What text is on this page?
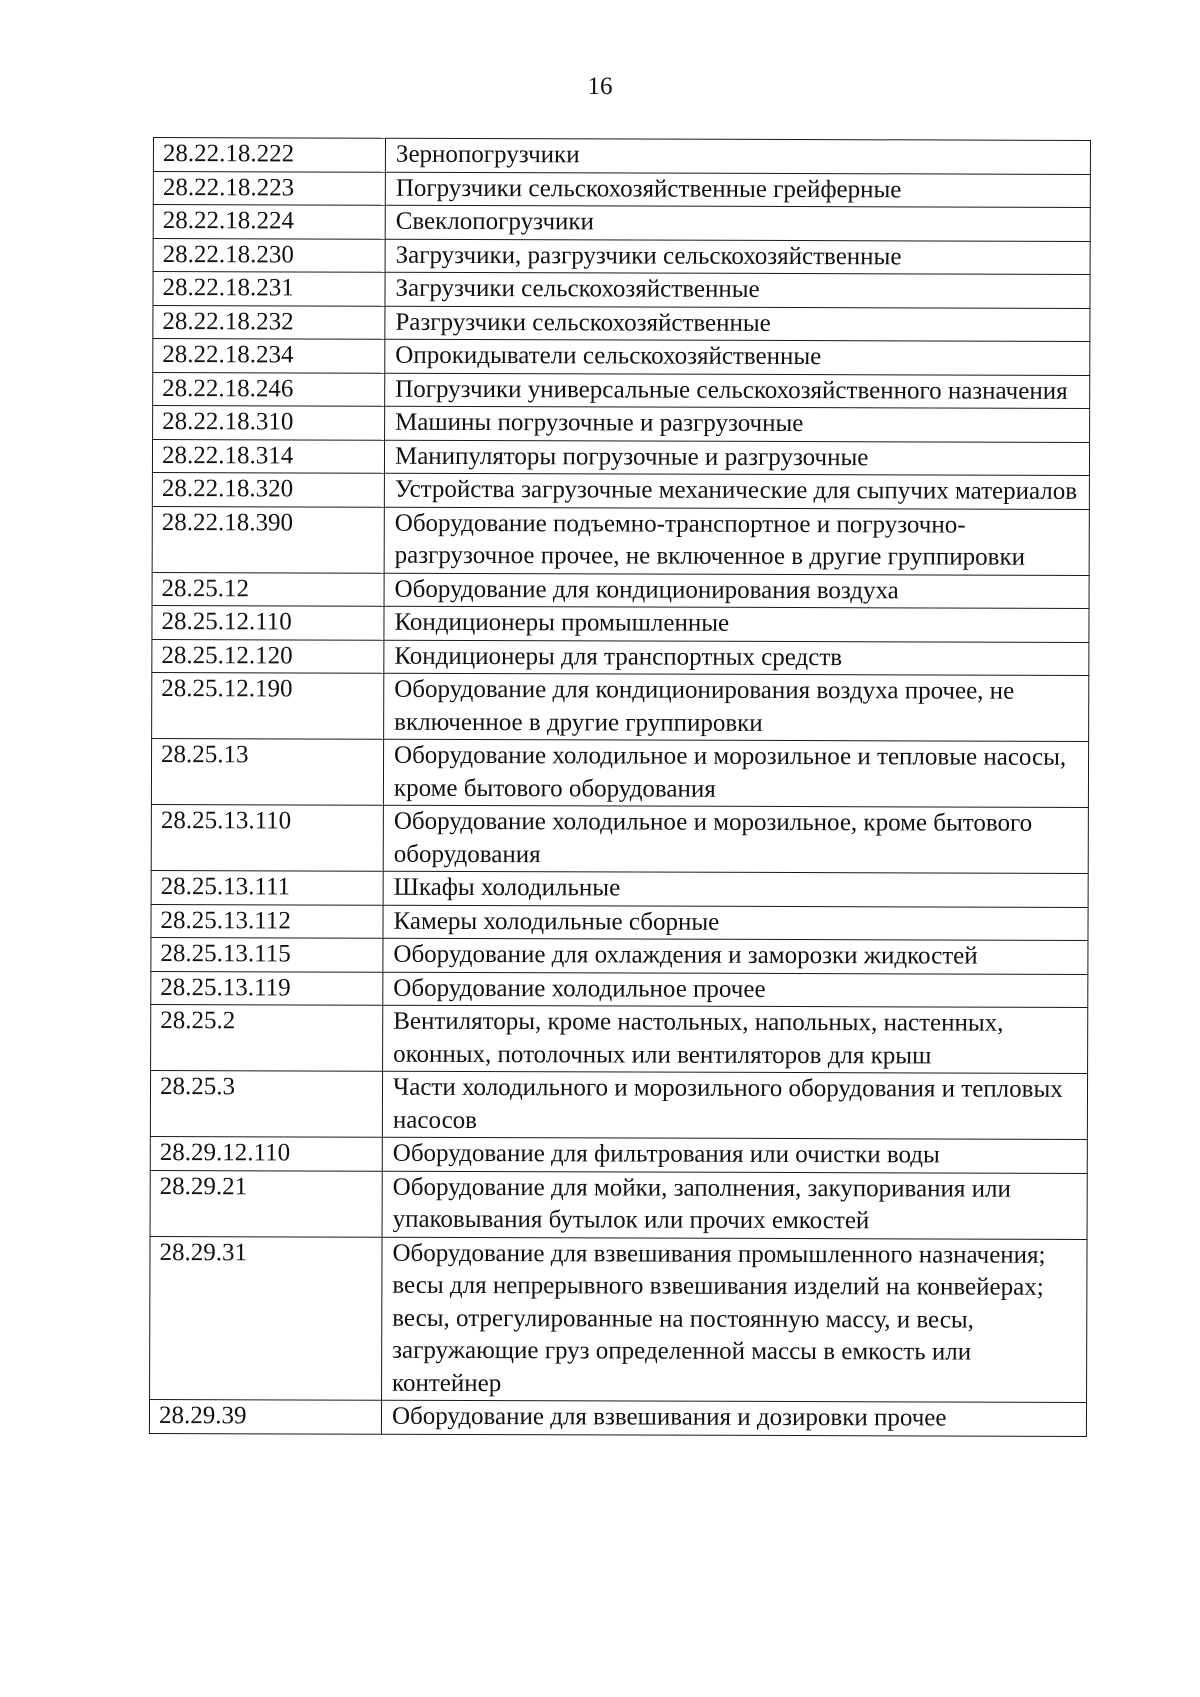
16
28.22.18.222	Зернопогрузчики
28.22.18.223	Погрузчики сельскохозяйственные грейферные
28.22.18.224	Свеклопогрузчики
28.22.18.230	Загрузчики, разгрузчики сельскохозяйственные
28.22.18.231	Загрузчики сельскохозяйственные
28.22.18.232	Разгрузчики сельскохозяйственные
28.22.18.234	Опрокидыватели сельскохозяйственные
28.22.18.246	Погрузчики универсальные сельскохозяйственного назначения
28.22.18.310	Машины погрузочные и разгрузочные
28.22.18.314	Манипуляторы погрузочные и разгрузочные
28.22.18.320	Устройства загрузочные механические для сыпучих материалов
28.22.18.390	Оборудование подъемно-транспортное и погрузочно-разгрузочное прочее, не включенное в другие группировки
28.25.12	Оборудование для кондиционирования воздуха
28.25.12.110	Кондиционеры промышленные
28.25.12.120	Кондиционеры для транспортных средств
28.25.12.190	Оборудование для кондиционирования воздуха прочее, не включенное в другие группировки
28.25.13	Оборудование холодильное и морозильное и тепловые насосы, кроме бытового оборудования
28.25.13.110	Оборудование холодильное и морозильное, кроме бытового оборудования
28.25.13.111	Шкафы холодильные
28.25.13.112	Камеры холодильные сборные
28.25.13.115	Оборудование для охлаждения и заморозки жидкостей
28.25.13.119	Оборудование холодильное прочее
28.25.2	Вентиляторы, кроме настольных, напольных, настенных, оконных, потолочных или вентиляторов для крыш
28.25.3	Части холодильного и морозильного оборудования и тепловых насосов
28.29.12.110	Оборудование для фильтрования или очистки воды
28.29.21	Оборудование для мойки, заполнения, закупоривания или упаковывания бутылок или прочих емкостей
28.29.31	Оборудование для взвешивания промышленного назначения; весы для непрерывного взвешивания изделий на конвейерах; весы, отрегулированные на постоянную массу, и весы, загружающие груз определенной массы в емкость или контейнер
28.29.39	Оборудование для взвешивания и дозировки прочее
